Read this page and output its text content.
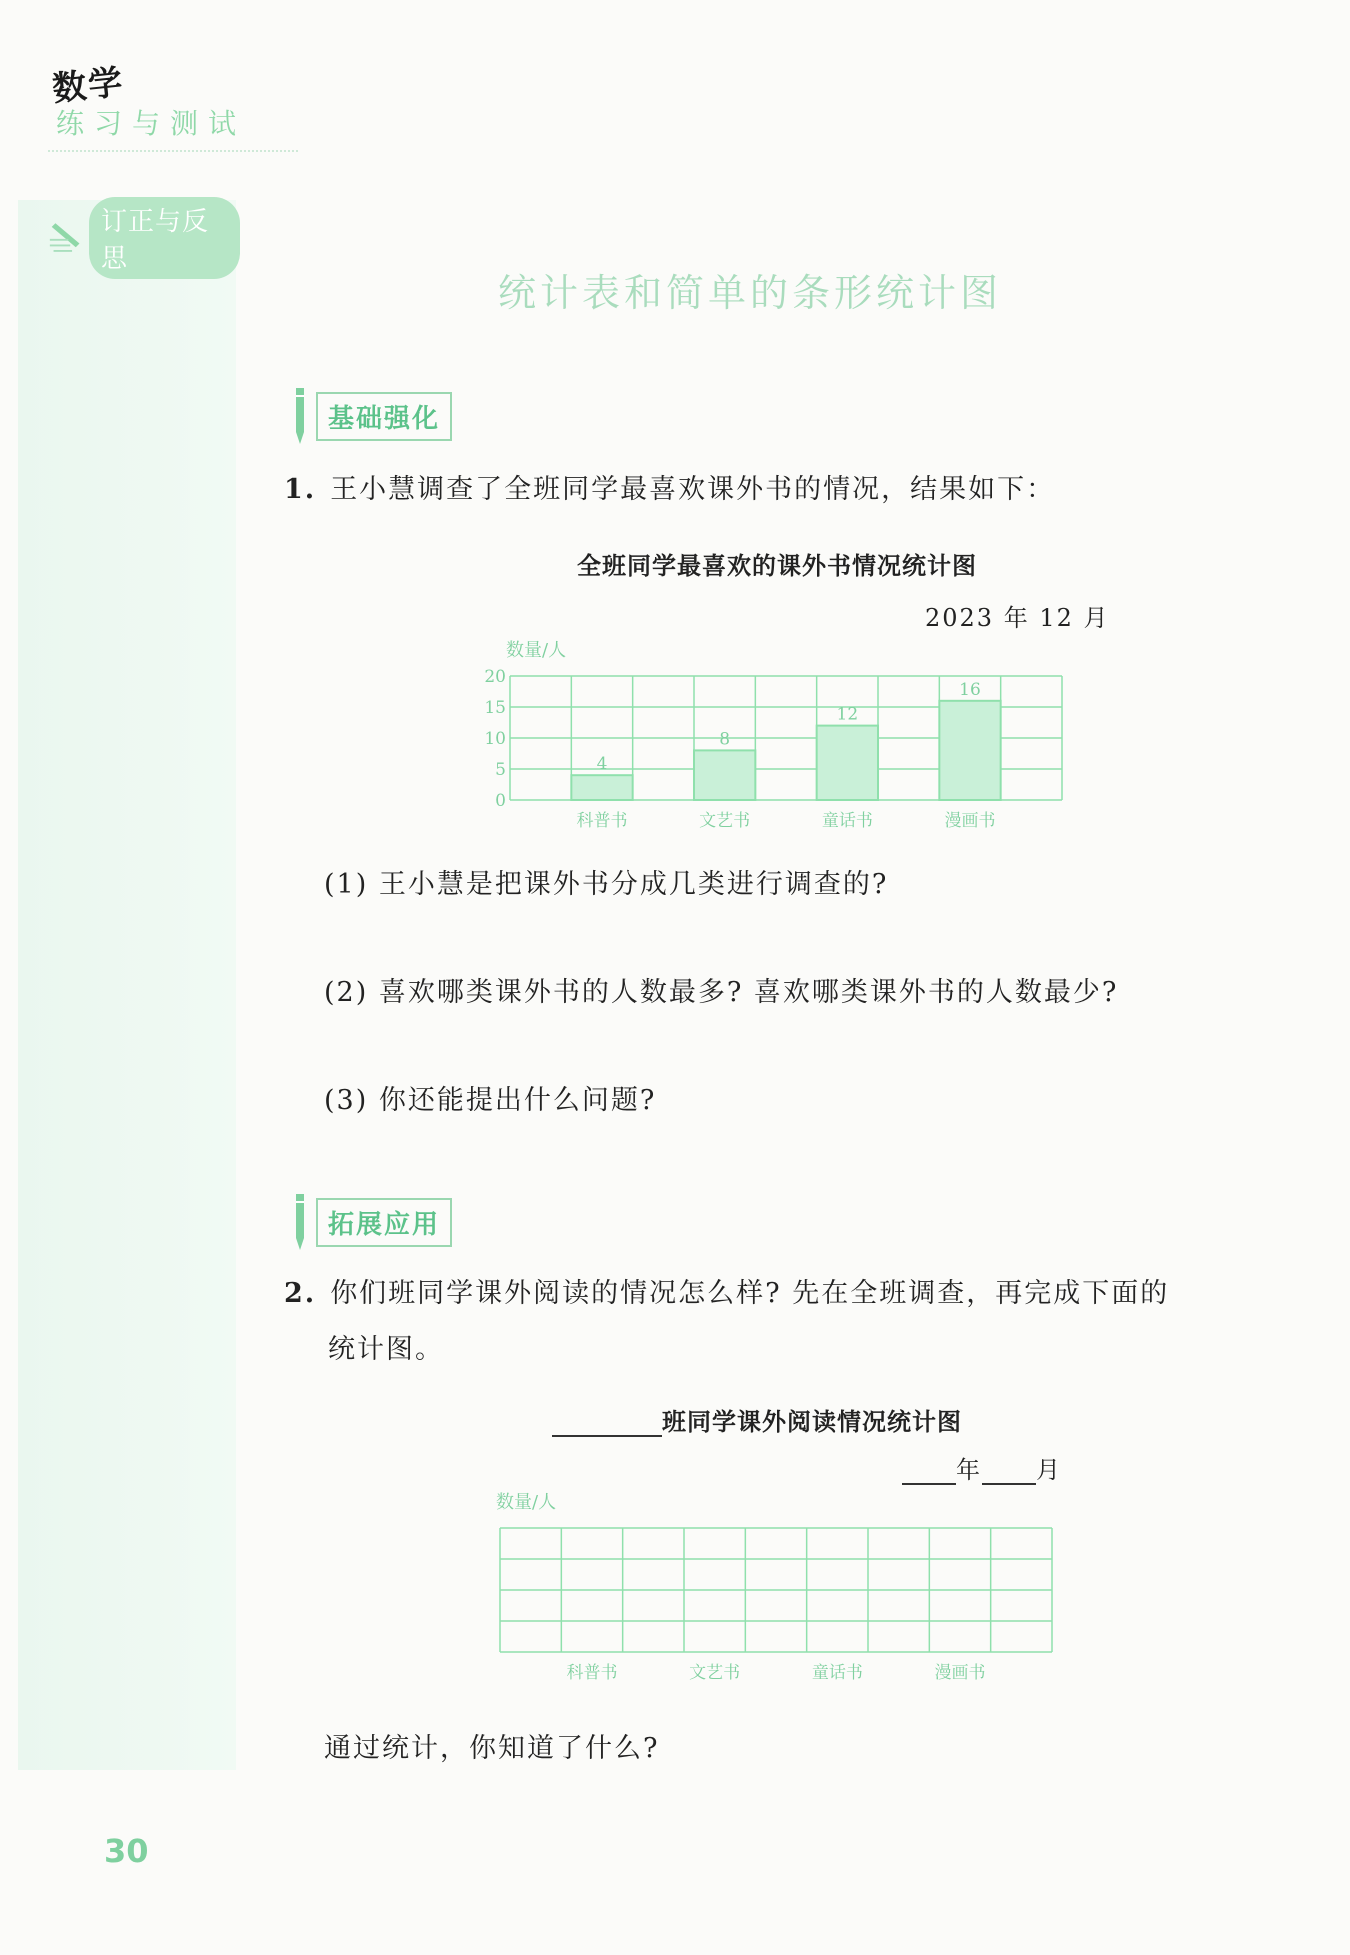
数学
练习与测试
订正与反思
统计表和简单的条形统计图
基础强化
1. 王小慧调查了全班同学最喜欢课外书的情况，结果如下：
全班同学最喜欢的课外书情况统计图
2023 年 12 月
数量/人
0
5
10
15
20
4
科普书
8
文艺书
12
童话书
16
漫画书
(1) 王小慧是把课外书分成几类进行调查的?
(2) 喜欢哪类课外书的人数最多? 喜欢哪类课外书的人数最少?
(3) 你还能提出什么问题?
拓展应用
2. 你们班同学课外阅读的情况怎么样? 先在全班调查，再完成下面的
统计图。
班同学课外阅读情况统计图
年 月
数量/人
科普书	文艺书	童话书	漫画书
通过统计，你知道了什么?
30
